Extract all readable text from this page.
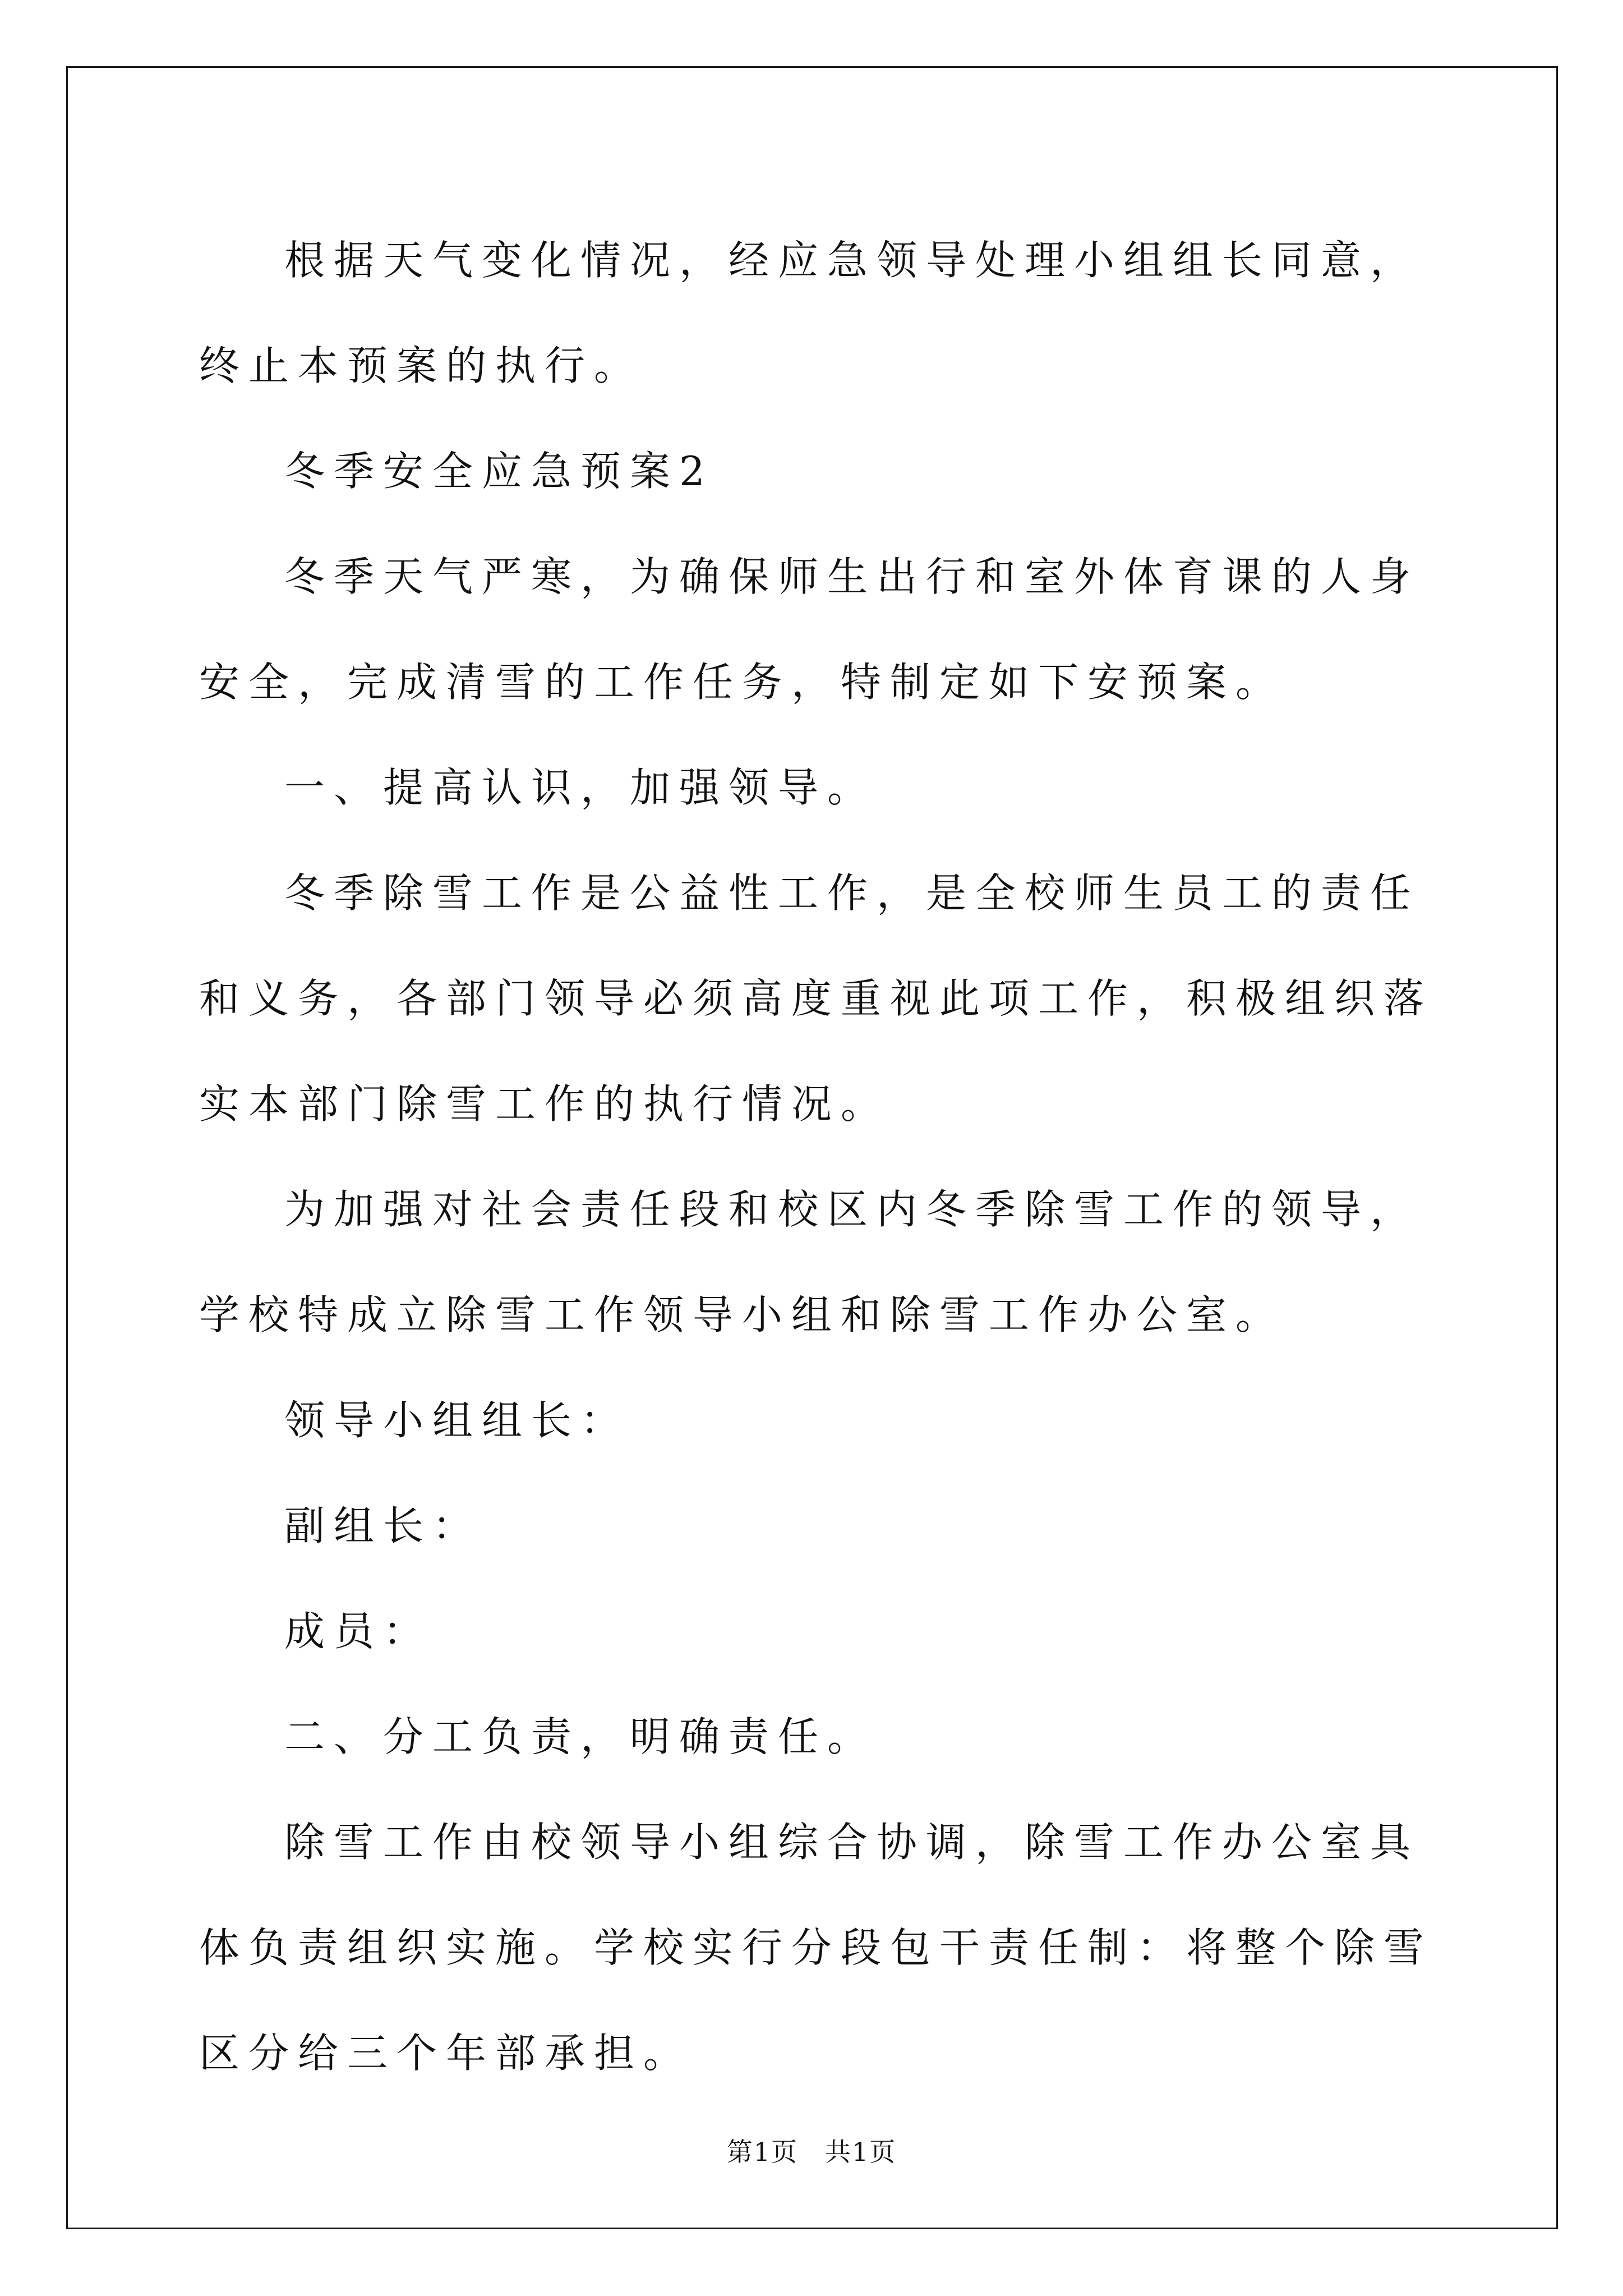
根据天气变化情况，经应急领导处理小组组长同意，终止本预案的执行。

冬季安全应急预案2

冬季天气严寒，为确保师生出行和室外体育课的人身安全，完成清雪的工作任务，特制定如下安预案。

一、提高认识，加强领导。

冬季除雪工作是公益性工作，是全校师生员工的责任和义务，各部门领导必须高度重视此项工作，积极组织落实本部门除雪工作的执行情况。

为加强对社会责任段和校区内冬季除雪工作的领导，学校特成立除雪工作领导小组和除雪工作办公室。

领导小组组长：

副组长：

成员：

二、分工负责，明确责任。

除雪工作由校领导小组综合协调，除雪工作办公室具体负责组织实施。学校实行分段包干责任制：将整个除雪区分给三个年部承担。

第1页　共1页
